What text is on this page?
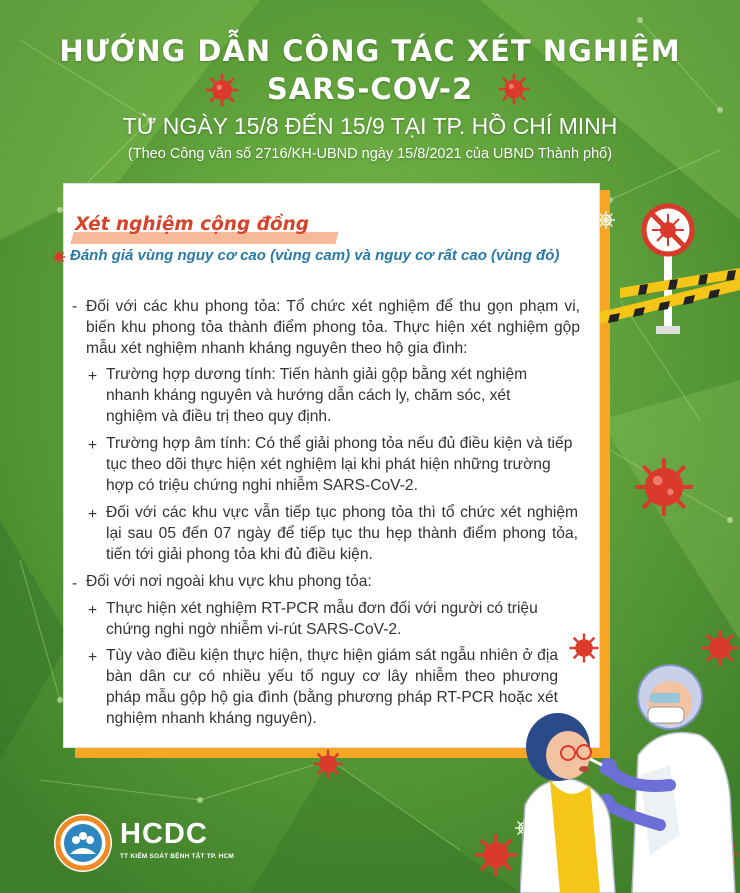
HƯỚNG DẪN CÔNG TÁC XÉT NGHIỆM
SARS-COV-2
TỪ NGÀY 15/8 ĐẾN 15/9 TẠI TP. HỒ CHÍ MINH
(Theo Công văn số 2716/KH-UBND ngày 15/8/2021 của UBND Thành phố)
Xét nghiệm cộng đồng
Đánh giá vùng nguy cơ cao (vùng cam) và nguy cơ rất cao (vùng đỏ)
- Đối với các khu phong tỏa: Tổ chức xét nghiệm để thu gọn phạm vi, biến khu phong tỏa thành điểm phong tỏa. Thực hiện xét nghiệm gộp mẫu xét nghiệm nhanh kháng nguyên theo hộ gia đình:
+ Trường hợp dương tính: Tiến hành giải gộp bằng xét nghiệm nhanh kháng nguyên và hướng dẫn cách ly, chăm sóc, xét nghiệm và điều trị theo quy định.
+ Trường hợp âm tính: Có thể giải phong tỏa nếu đủ điều kiện và tiếp tục theo dõi thực hiện xét nghiệm lại khi phát hiện những trường hợp có triệu chứng nghi nhiễm SARS-CoV-2.
+ Đối với các khu vực vẫn tiếp tục phong tỏa thì tổ chức xét nghiệm lại sau 05 đến 07 ngày để tiếp tục thu hẹp thành điểm phong tỏa, tiến tới giải phong tỏa khi đủ điều kiện.
- Đối với nơi ngoài khu vực khu phong tỏa:
+ Thực hiện xét nghiệm RT-PCR mẫu đơn đối với người có triệu chứng nghi ngờ nhiễm vi-rút SARS-CoV-2.
+ Tùy vào điều kiện thực hiện, thực hiện giám sát ngẫu nhiên ở địa bàn dân cư có nhiều yếu tố nguy cơ lây nhiễm theo phương pháp mẫu gộp hộ gia đình (bằng phương pháp RT-PCR hoặc xét nghiệm nhanh kháng nguyên).
HCDC
TT KIỂM SOÁT BỆNH TẬT TP. HCM
